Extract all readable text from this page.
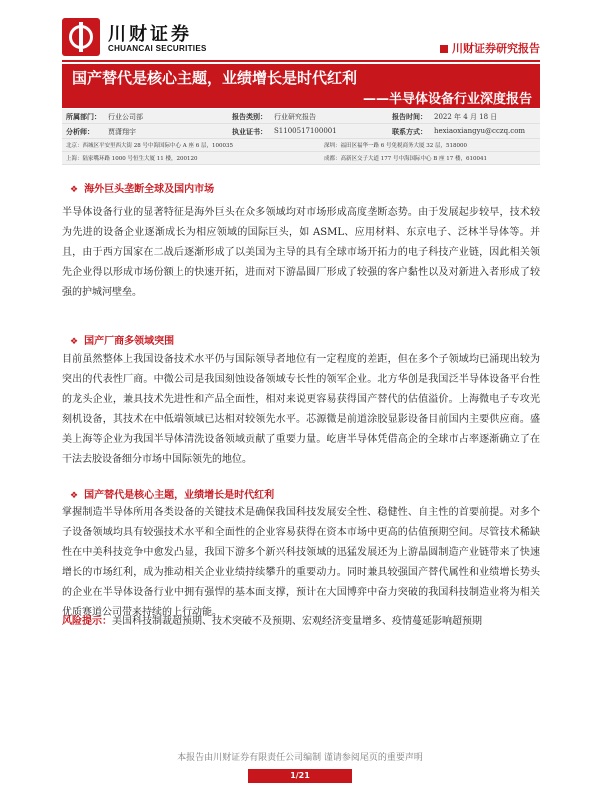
川财证券
CHUANCAI SECURITIES	川财证券研究报告
国产替代是核心主题，业绩增长是时代红利
——半导体设备行业深度报告
所属部门： 行业公司部	报告类别： 行业研究报告	报告时间： 2022 年 4 月 18 日
分析师： 贾潇翔宇	执业证书： S1100517100001	联系方式： hexiaoxiangyu@cczq.com
北京：西城区平安里西大街 28 号中海国际中心 A 座 6 层，100035	深圳：福田区福华一路 6 号免税商务大厦 32 层，518000
上海：陆家嘴环路 1000 号恒生大厦 11 楼，200120	成都：高新区交子大道 177 号中海国际中心 B 座 17 楼，610041
❖ 海外巨头垄断全球及国内市场

半导体设备行业的显著特征是海外巨头在众多领域均对市场形成高度垄断态势。由于发展起步较早，技术较为先进的设备企业逐渐成长为相应领域的国际巨头，如 ASML、应用材料、东京电子、泛林半导体等。并且，由于西方国家在二战后逐渐形成了以美国为主导的具有全球市场开拓力的电子科技产业链，因此相关领先企业得以形成市场份额上的快速开拓，进而对下游晶圆厂形成了较强的客户黏性以及对新进入者形成了较强的护城河壁垒。

❖ 国产厂商多领域突围

目前虽然整体上我国设备技术水平仍与国际领导者地位有一定程度的差距，但在多个子领域均已涌现出较为突出的代表性厂商。中微公司是我国刻蚀设备领域专长性的领军企业。北方华创是我国泛半导体设备平台性的龙头企业，兼具技术先进性和产品全面性，相对来说更容易获得国产替代的估值溢价。上海微电子专攻光刻机设备，其技术在中低端领域已达相对较领先水平。芯源微是前道涂胶显影设备目前国内主要供应商。盛美上海等企业为我国半导体清洗设备领域贡献了重要力量。屹唐半导体凭借高企的全球市占率逐渐确立了在干法去胶设备细分市场中国际领先的地位。

❖ 国产替代是核心主题，业绩增长是时代红利

掌握制造半导体所用各类设备的关键技术是确保我国科技发展安全性、稳健性、自主性的首要前提。对多个子设备领域均具有较强技术水平和全面性的企业容易获得在资本市场中更高的估值预期空间。尽管技术稀缺性在中美科技竞争中愈发凸显，我国下游多个新兴科技领域的迅猛发展还为上游晶圆制造产业链带来了快速增长的市场红利，成为推动相关企业业绩持续攀升的重要动力。同时兼具较强国产替代属性和业绩增长势头的企业在半导体设备行业中拥有强悍的基本面支撑，预计在大国博弈中奋力突破的我国科技制造业将为相关优质赛道公司带来持续的上行动能。

风险提示：美国科技制裁超预期、技术突破不及预期、宏观经济变量增多、疫情蔓延影响超预期
本报告由川财证券有限责任公司编制 谨请参阅尾页的重要声明
1/21
